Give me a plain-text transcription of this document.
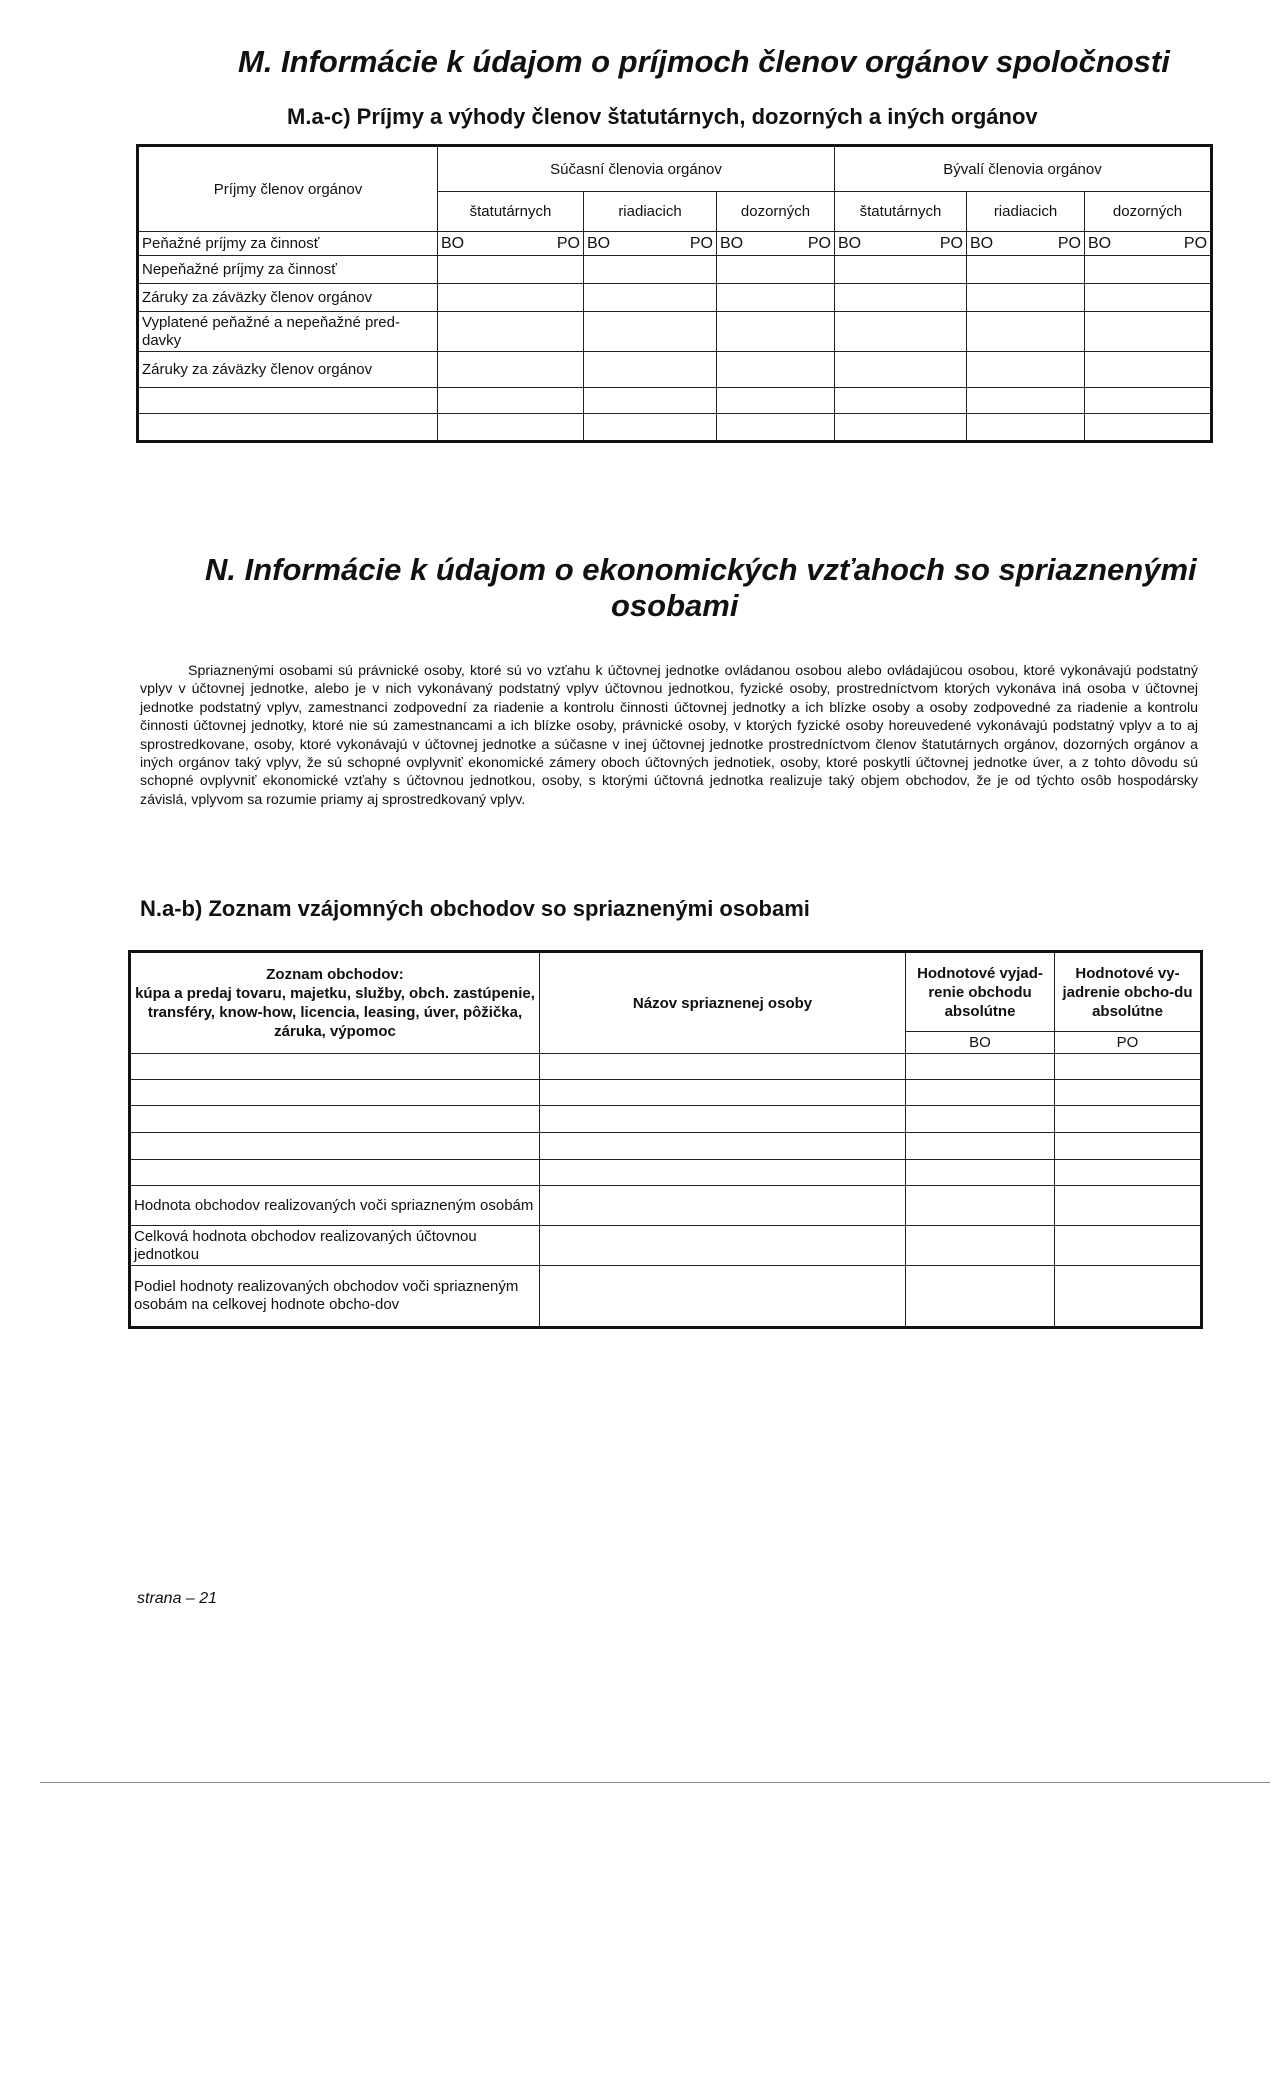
M. Informácie k údajom o príjmoch členov orgánov spoločnosti
M.a-c) Príjmy a výhody členov štatutárnych, dozorných a iných orgánov
Príjmy členov orgánov	Súčasní členovia orgánov			Bývalí členovia orgánov		
	štatutárnych	riadiacich	dozorných	štatutárnych	riadiacich	dozorných
Peňažné príjmy za činnosť	BO PO	BO PO	BO PO	BO PO	BO PO	BO PO

Nepeňažné príjmy za činnosť						
Záruky za záväzky členov orgánov						
Vyplatené peňažné a nepeňažné pred-davky						
Záruky za záväzky členov orgánov						

N. Informácie k údajom o ekonomických vzťahoch so spriaznenými
osobami
Spriaznenými osobami sú právnické osoby, ktoré sú vo vzťahu k účtovnej jednotke ovládanou osobou alebo ovládajúcou osobou, ktoré vykonávajú podstatný vplyv v účtovnej jednotke, alebo je v nich vykonávaný podstatný vplyv účtovnou jednotkou, fyzické osoby, prostredníctvom ktorých vykonáva iná osoba v účtovnej jednotke podstatný vplyv, zamestnanci zodpovední za riadenie a kontrolu činnosti účtovnej jednotky a ich blízke osoby a osoby zodpovedné za riadenie a kontrolu činnosti účtovnej jednotky, ktoré nie sú zamestnancami a ich blízke osoby, právnické osoby, v ktorých fyzické osoby horeuvedené vykonávajú podstatný vplyv a to aj sprostredkovane, osoby, ktoré vykonávajú v účtovnej jednotke a súčasne v inej účtovnej jednotke prostredníctvom členov štatutárnych orgánov, dozorných orgánov a iných orgánov taký vplyv, že sú schopné ovplyvniť ekonomické zámery oboch účtovných jednotiek, osoby, ktoré poskytli účtovnej jednotke úver, a z tohto dôvodu sú schopné ovplyvniť ekonomické vzťahy s účtovnou jednotkou, osoby, s ktorými účtovná jednotka realizuje taký objem obchodov, že je od týchto osôb hospodársky závislá, vplyvom sa rozumie priamy aj sprostredkovaný vplyv.
N.a-b) Zoznam vzájomných obchodov so spriaznenými osobami
Zoznam obchodov:
kúpa a predaj tovaru, majetku, služby, obch. zastúpenie, transféry, know-how, licencia, leasing, úver, pôžička, záruka, výpomoc	Názov spriaznenej osoby	Hodnotové vyjad-renie obchodu absolútne	Hodnotové vy-jadrenie obcho-du absolútne
		BO	PO

Hodnota obchodov realizovaných voči spriazneným osobám			
Celková hodnota obchodov realizovaných účtovnou jednotkou			
Podiel hodnoty realizovaných obchodov voči spriazneným osobám na celkovej hodnote obcho-dov			
strana – 21
